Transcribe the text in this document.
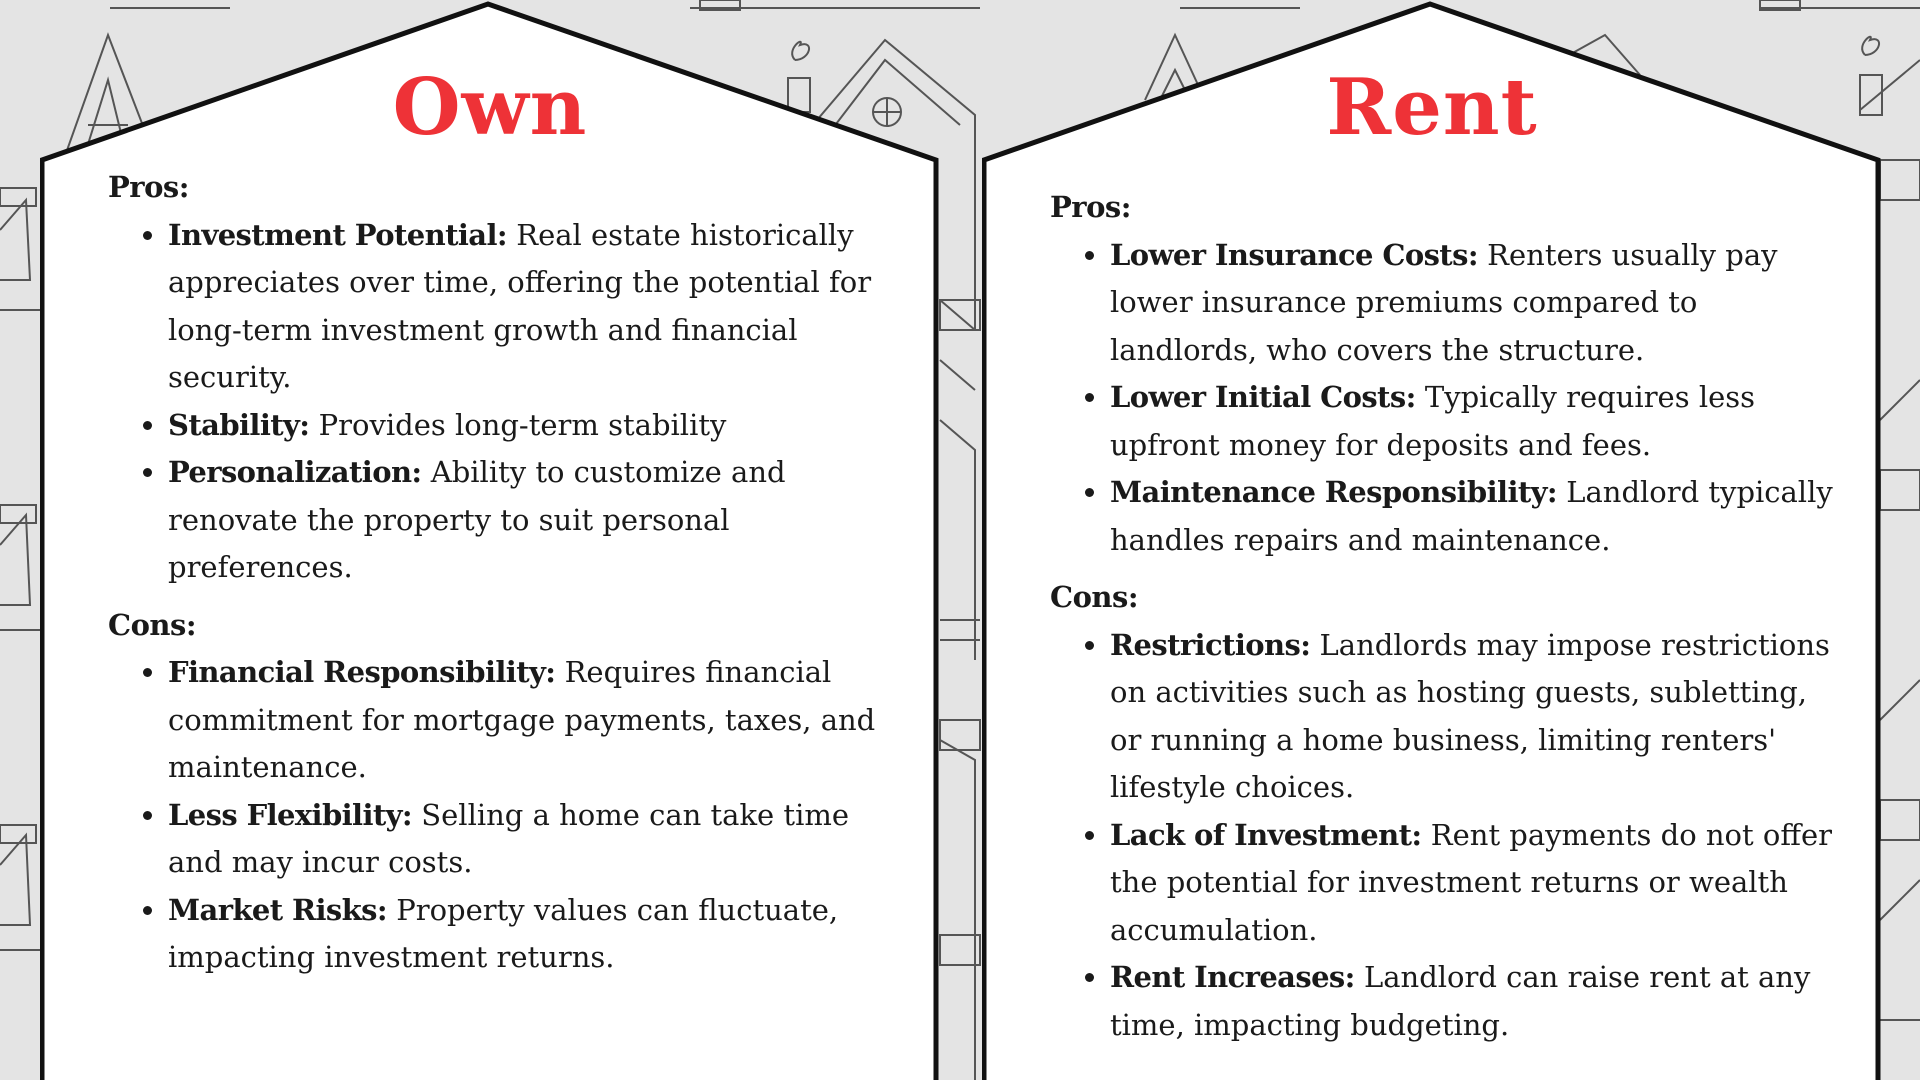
Own

Pros:

Investment Potential: Real estate historically appreciates over time, offering the potential for long-term investment growth and financial security.
Stability: Provides long-term stability
Personalization: Ability to customize and renovate the property to suit personal preferences.

Cons:

Financial Responsibility: Requires financial commitment for mortgage payments, taxes, and maintenance.
Less Flexibility: Selling a home can take time and may incur costs.
Market Risks: Property values can fluctuate, impacting investment returns.
Rent

Pros:

Lower Insurance Costs: Renters usually pay lower insurance premiums compared to landlords, who covers the structure.
Lower Initial Costs: Typically requires less upfront money for deposits and fees.
Maintenance Responsibility: Landlord typically handles repairs and maintenance.

Cons:

Restrictions: Landlords may impose restrictions on activities such as hosting guests, subletting, or running a home business, limiting renters' lifestyle choices.
Lack of Investment: Rent payments do not offer the potential for investment returns or wealth accumulation.
Rent Increases: Landlord can raise rent at any time, impacting budgeting.
